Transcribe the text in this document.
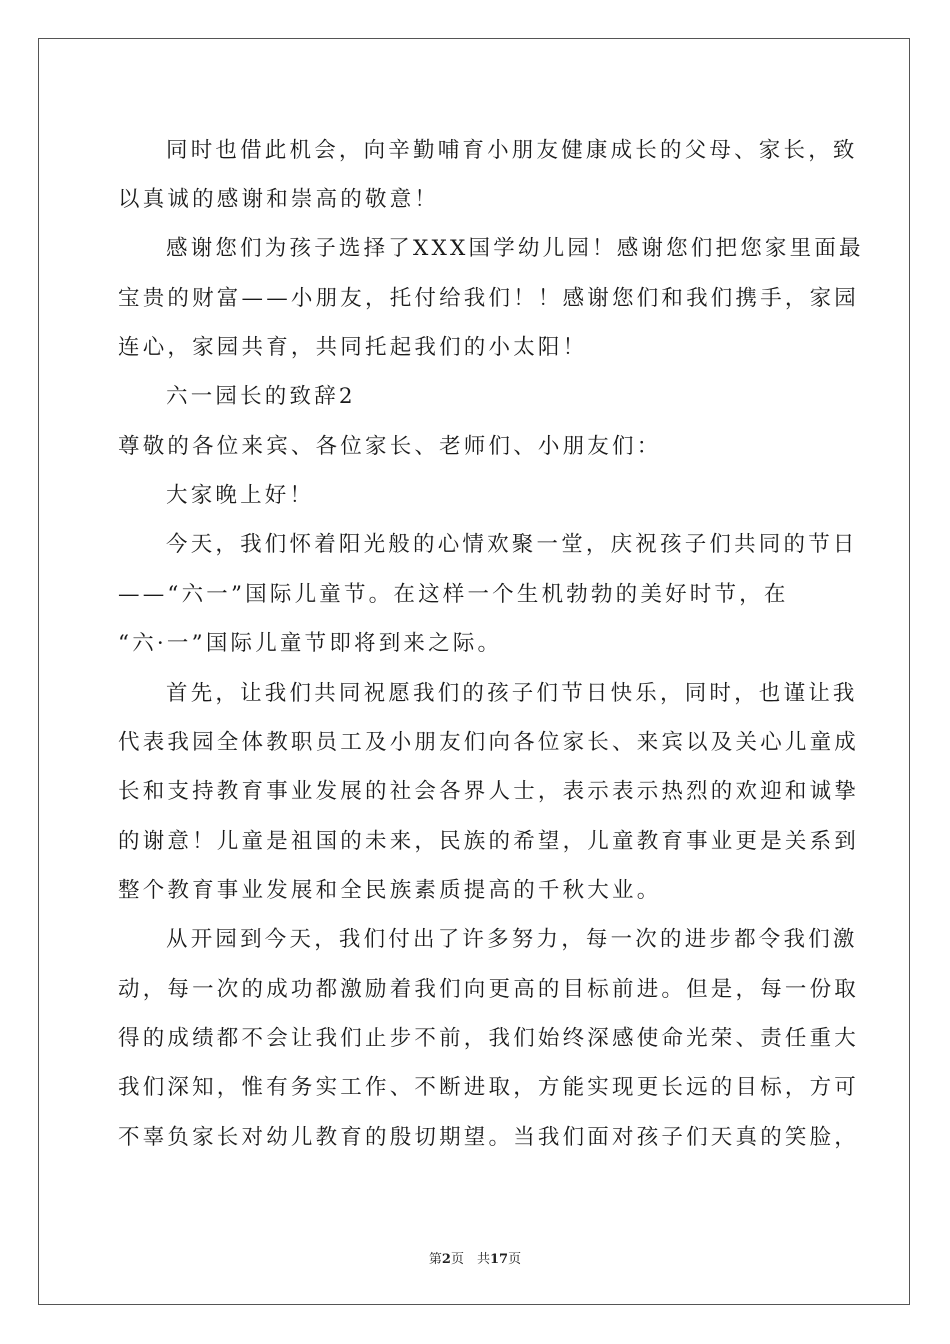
同时也借此机会，向辛勤哺育小朋友健康成长的父母、家长，致
以真诚的感谢和崇高的敬意！
感谢您们为孩子选择了XXX国学幼儿园！感谢您们把您家里面最
宝贵的财富——小朋友，托付给我们！！感谢您们和我们携手，家园
连心，家园共育，共同托起我们的小太阳！
六一园长的致辞2
尊敬的各位来宾、各位家长、老师们、小朋友们：
大家晚上好！
今天，我们怀着阳光般的心情欢聚一堂，庆祝孩子们共同的节日
——“六一”国际儿童节。在这样一个生机勃勃的美好时节，在
“六·一”国际儿童节即将到来之际。
首先，让我们共同祝愿我们的孩子们节日快乐，同时，也谨让我
代表我园全体教职员工及小朋友们向各位家长、来宾以及关心儿童成
长和支持教育事业发展的社会各界人士，表示表示热烈的欢迎和诚挚
的谢意！儿童是祖国的未来，民族的希望，儿童教育事业更是关系到
整个教育事业发展和全民族素质提高的千秋大业。
从开园到今天，我们付出了许多努力，每一次的进步都令我们激
动，每一次的成功都激励着我们向更高的目标前进。但是，每一份取
得的成绩都不会让我们止步不前，我们始终深感使命光荣、责任重大
我们深知，惟有务实工作、不断进取，方能实现更长远的目标，方可
不辜负家长对幼儿教育的殷切期望。当我们面对孩子们天真的笑脸，
第2页　共17页
